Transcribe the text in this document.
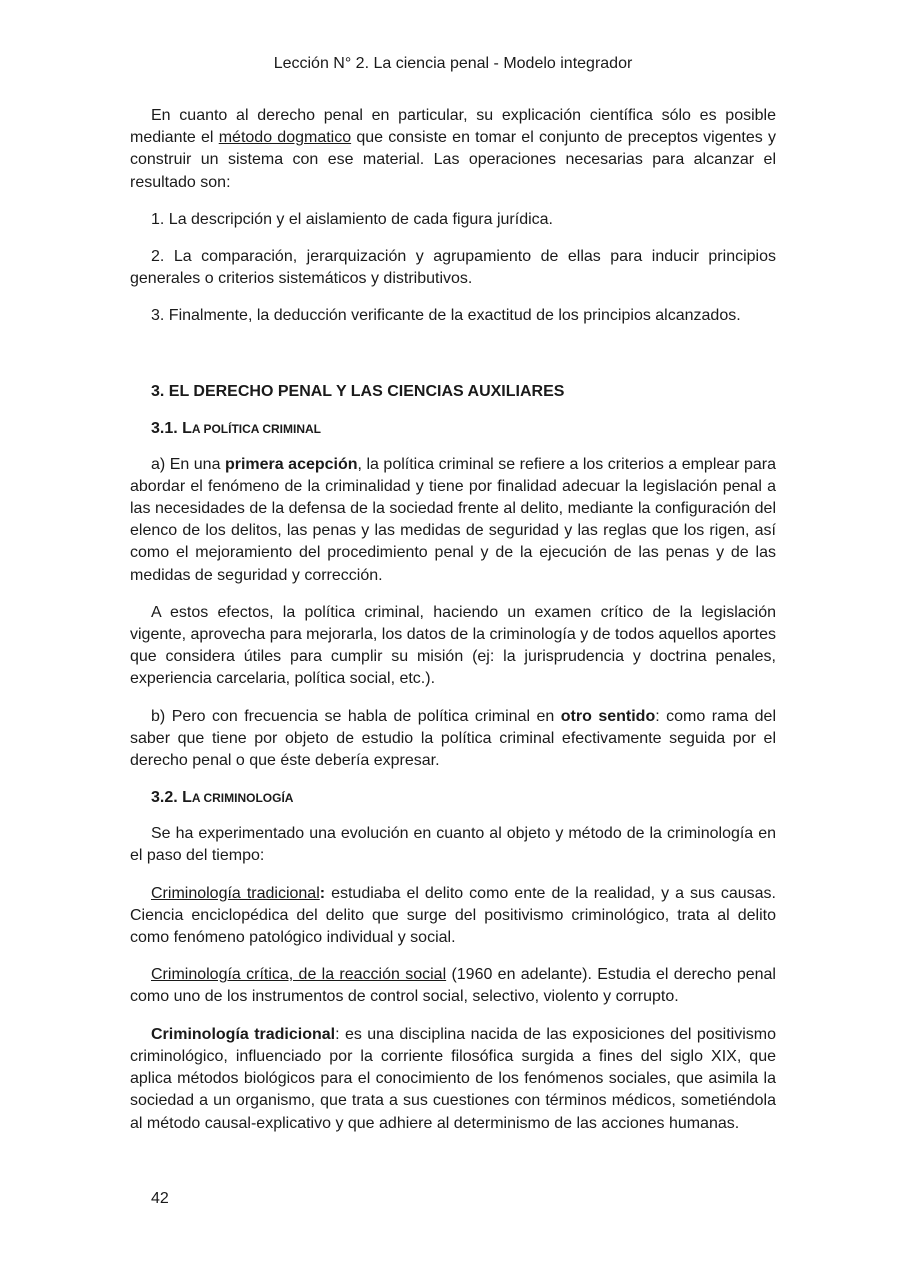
Lección N° 2. La ciencia penal - Modelo integrador

En cuanto al derecho penal en particular, su explicación científica sólo es posible mediante el método dogmatico que consiste en tomar el conjunto de preceptos vigentes y construir un sistema con ese material. Las operaciones necesarias para alcanzar el resultado son:

1. La descripción y el aislamiento de cada figura jurídica.

2. La comparación, jerarquización y agrupamiento de ellas para inducir principios generales o criterios sistemáticos y distributivos.

3. Finalmente, la deducción verificante de la exactitud de los principios alcanzados.

3. EL DERECHO PENAL Y LAS CIENCIAS AUXILIARES
3.1. LA POLÍTICA CRIMINAL

a) En una primera acepción, la política criminal se refiere a los criterios a emplear para abordar el fenómeno de la criminalidad y tiene por finalidad adecuar la legislación penal a las necesidades de la defensa de la sociedad frente al delito, mediante la configuración del elenco de los delitos, las penas y las medidas de seguridad y las reglas que los rigen, así como el mejoramiento del procedimiento penal y de la ejecución de las penas y de las medidas de seguridad y corrección.

A estos efectos, la política criminal, haciendo un examen crítico de la legislación vigente, aprovecha para mejorarla, los datos de la criminología y de todos aquellos aportes que considera útiles para cumplir su misión (ej: la jurisprudencia y doctrina penales, experiencia carcelaria, política social, etc.).

b) Pero con frecuencia se habla de política criminal en otro sentido: como rama del saber que tiene por objeto de estudio la política criminal efectivamente seguida por el derecho penal o que éste debería expresar.

3.2. LA CRIMINOLOGÍA

Se ha experimentado una evolución en cuanto al objeto y método de la criminología en el paso del tiempo:

Criminología tradicional: estudiaba el delito como ente de la realidad, y a sus causas. Ciencia enciclopédica del delito que surge del positivismo criminológico, trata al delito como fenómeno patológico individual y social.

Criminología crítica, de la reacción social (1960 en adelante). Estudia el derecho penal como uno de los instrumentos de control social, selectivo, violento y corrupto.

Criminología tradicional: es una disciplina nacida de las exposiciones del positivismo criminológico, influenciado por la corriente filosófica surgida a fines del siglo XIX, que aplica métodos biológicos para el conocimiento de los fenómenos sociales, que asimila la sociedad a un organismo, que trata a sus cuestiones con términos médicos, sometiéndola al método causal-explicativo y que adhiere al determinismo de las acciones humanas.

42
